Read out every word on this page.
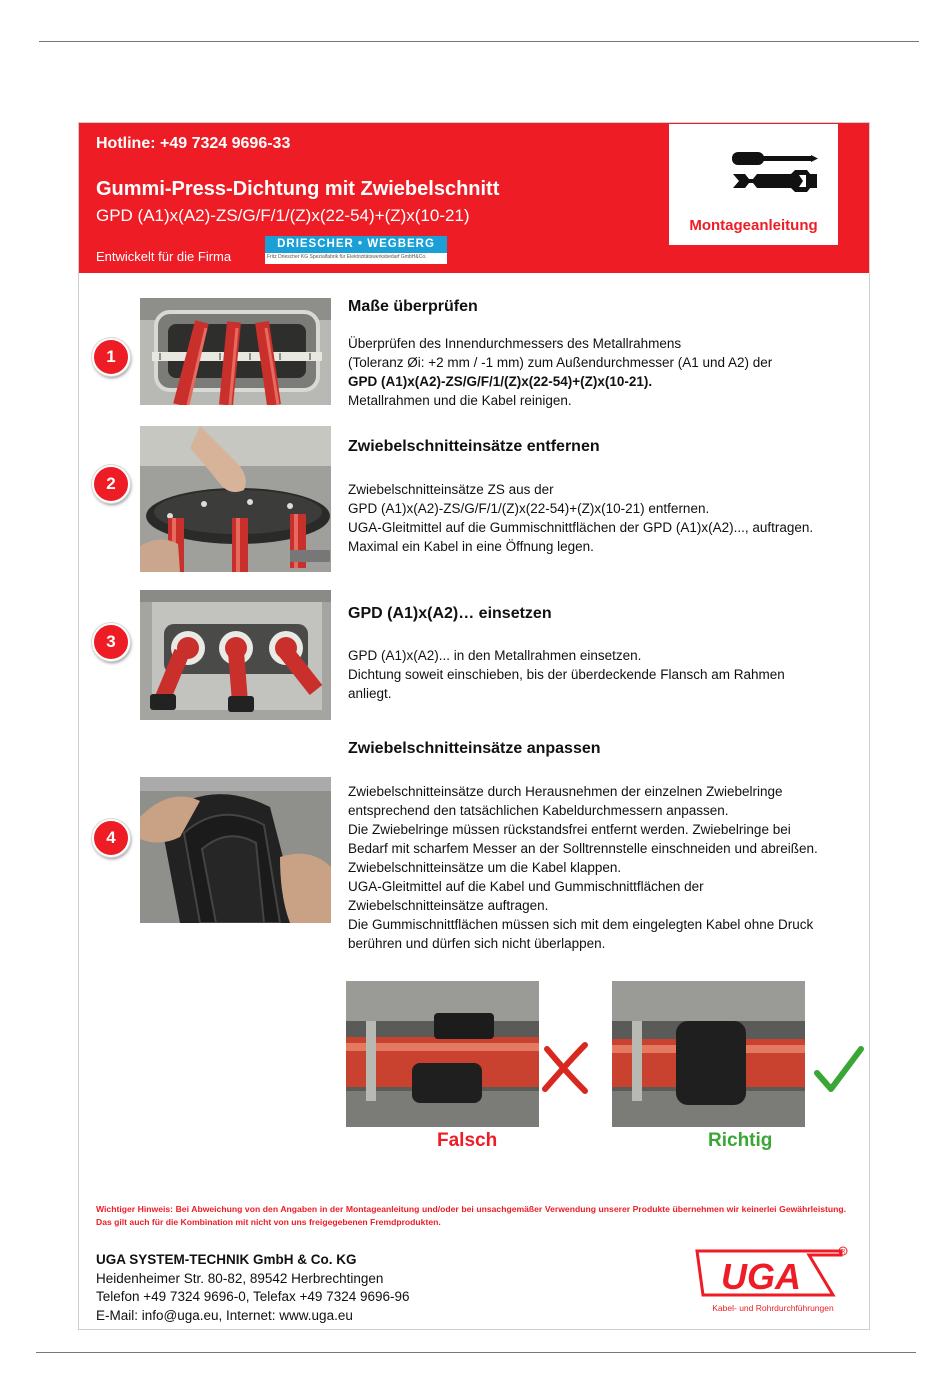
Hotline: +49 7324 9696-33
Gummi-Press-Dichtung mit Zwiebelschnitt
GPD (A1)x(A2)-ZS/G/F/1/(Z)x(22-54)+(Z)x(10-21)
Entwickelt für die Firma
DRIESCHER • WEGBERG
Fritz Driescher KG Spezialfabrik für Elektrizitätswerksbedarf GmbH&Co.
Montageanleitung
1
Maße überprüfen

Überprüfen des Innendurchmessers des Metallrahmens

(Toleranz Øi: +2 mm / -1 mm) zum Außendurchmesser (A1 und A2) der

GPD (A1)x(A2)-ZS/G/F/1/(Z)x(22-54)+(Z)x(10-21).

Metallrahmen und die Kabel reinigen.

2
Zwiebelschnitteinsätze entfernen

Zwiebelschnitteinsätze ZS aus der

GPD (A1)x(A2)-ZS/G/F/1/(Z)x(22-54)+(Z)x(10-21) entfernen.

UGA-Gleitmittel auf die Gummischnittflächen der GPD (A1)x(A2)..., auftragen.

Maximal ein Kabel in eine Öffnung legen.

3
GPD (A1)x(A2)… einsetzen

GPD (A1)x(A2)... in den Metallrahmen einsetzen.

Dichtung soweit einschieben, bis der überdeckende Flansch am Rahmen

anliegt.

Zwiebelschnitteinsätze anpassen
4

Zwiebelschnitteinsätze durch Herausnehmen der einzelnen Zwiebelringe

entsprechend den tatsächlichen Kabeldurchmessern anpassen.

Die Zwiebelringe müssen rückstandsfrei entfernt werden. Zwiebelringe bei

Bedarf mit scharfem Messer an der Solltrennstelle einschneiden und abreißen.

Zwiebelschnitteinsätze um die Kabel klappen.

UGA-Gleitmittel auf die Kabel und Gummischnittflächen der

Zwiebelschnitteinsätze auftragen.

Die Gummischnittflächen müssen sich mit dem eingelegten Kabel ohne Druck

berühren und dürfen sich nicht überlappen.

Falsch	Richtig
Wichtiger Hinweis: Bei Abweichung von den Angaben in der Montageanleitung und/oder bei unsachgemäßer Verwendung unserer Produkte übernehmen wir keinerlei Gewährleistung. Das gilt auch für die Kombination mit nicht von uns freigegebenen Fremdprodukten.
UGA SYSTEM-TECHNIK GmbH & Co. KG
Heidenheimer Str. 80-82, 89542 Herbrechtingen
Telefon +49 7324 9696-0, Telefax +49 7324 9696-96
E-Mail: info@uga.eu, Internet: www.uga.eu
UGA
R
Kabel- und Rohrdurchführungen
